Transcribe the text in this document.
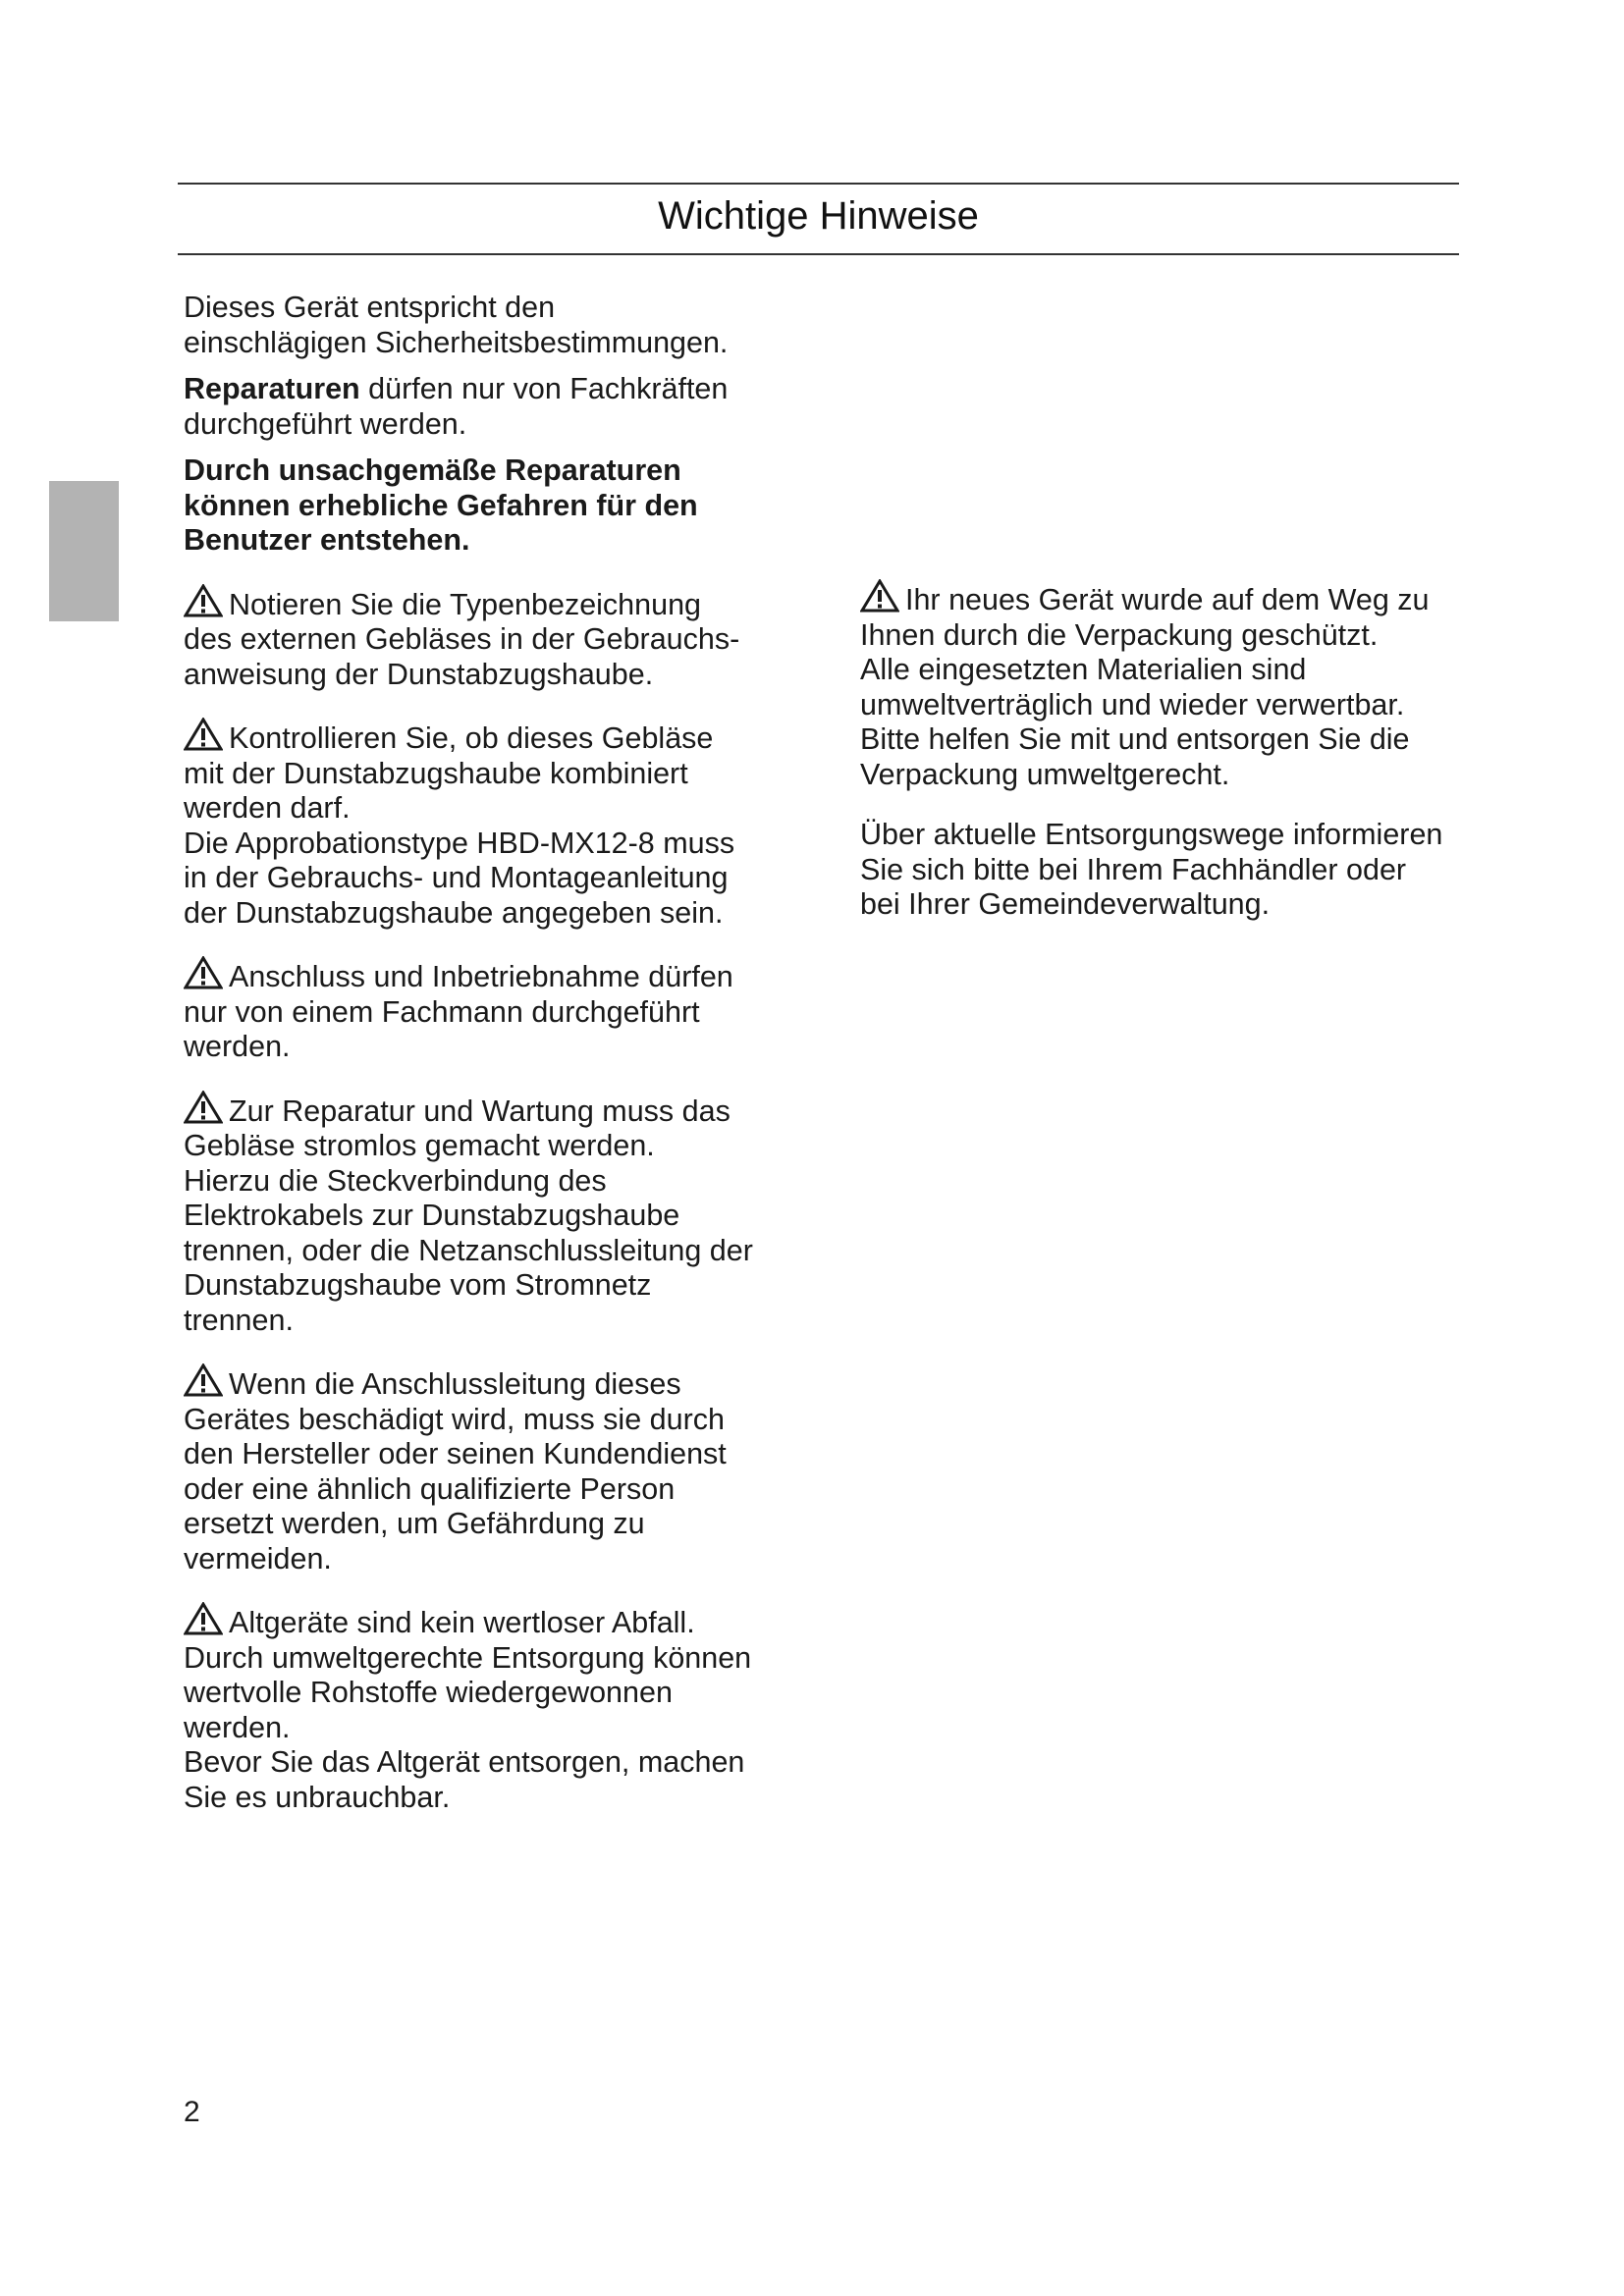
Wichtige Hinweise

Dieses Gerät entspricht den
einschlägigen Sicherheitsbestimmungen.

Reparaturen dürfen nur von Fachkräften
durchgeführt werden.

Durch unsachgemäße Reparaturen
können erhebliche Gefahren für den
Benutzer entstehen.

Notieren Sie die Typenbezeichnung
des externen Gebläses in der Gebrauchs-
anweisung der Dunstabzugshaube.

Kontrollieren Sie, ob dieses Gebläse
mit der Dunstabzugshaube kombiniert
werden darf.
Die Approbationstype HBD-MX12-8 muss
in der Gebrauchs- und Montageanleitung
der Dunstabzugshaube angegeben sein.

Anschluss und Inbetriebnahme dürfen
nur von einem Fachmann durchgeführt
werden.

Zur Reparatur und Wartung muss das
Gebläse stromlos gemacht werden.
Hierzu die Steckverbindung des
Elektrokabels zur Dunstabzugshaube
trennen, oder die Netzanschlussleitung der
Dunstabzugshaube vom Stromnetz
trennen.

Wenn die Anschlussleitung dieses
Gerätes beschädigt wird, muss sie durch
den Hersteller oder seinen Kundendienst
oder eine ähnlich qualifizierte Person
ersetzt werden, um Gefährdung zu
vermeiden.

Altgeräte sind kein wertloser Abfall.
Durch umweltgerechte Entsorgung können
wertvolle Rohstoffe wiedergewonnen
werden.
Bevor Sie das Altgerät entsorgen, machen
Sie es unbrauchbar.

Ihr neues Gerät wurde auf dem Weg zu
Ihnen durch die Verpackung geschützt.
Alle eingesetzten Materialien sind
umweltverträglich und wieder verwertbar.
Bitte helfen Sie mit und entsorgen Sie die
Verpackung umweltgerecht.

Über aktuelle Entsorgungswege informieren
Sie sich bitte bei Ihrem Fachhändler oder
bei Ihrer Gemeindeverwaltung.

2
